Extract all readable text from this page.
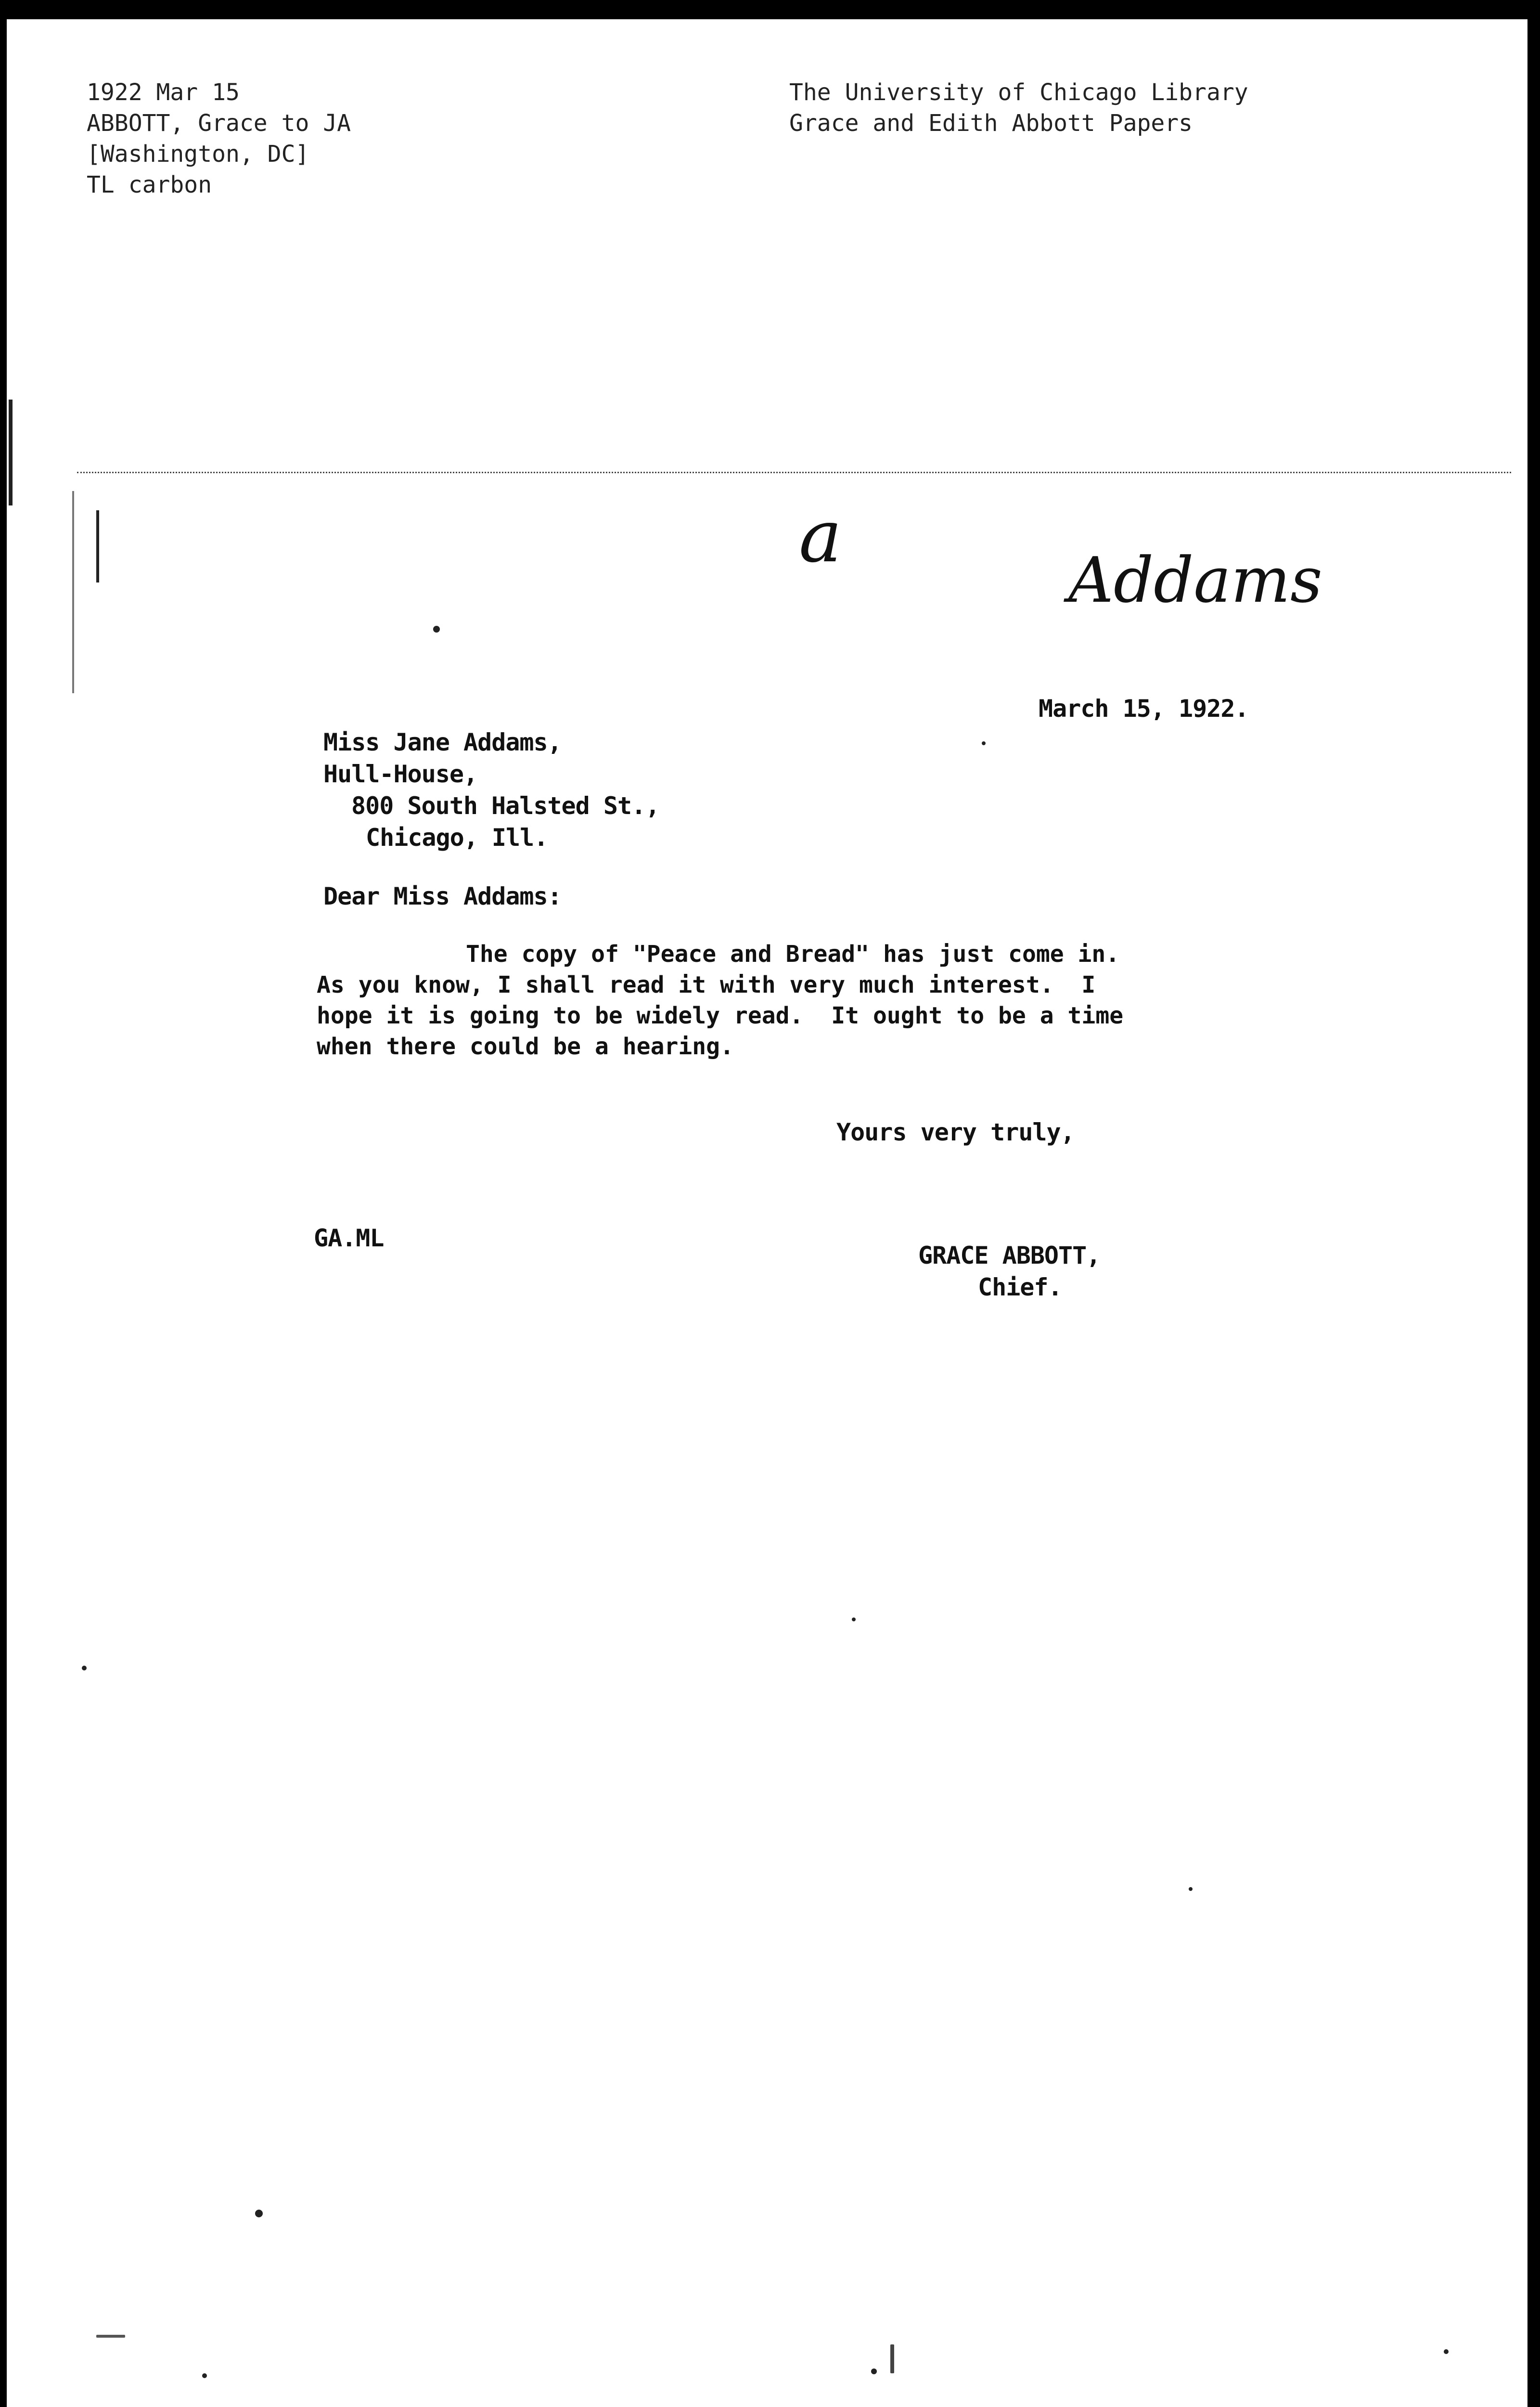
1922 Mar 15
ABBOTT, Grace to JA
[Washington, DC]
TL carbon
The University of Chicago Library
Grace and Edith Abbott Papers
a
Addams
March 15, 1922.
Miss Jane Addams,
Hull-House,
800 South Halsted St.,
Chicago, Ill.
Dear Miss Addams:
The copy of "Peace and Bread" has just come in.
As you know, I shall read it with very much interest.  I
hope it is going to be widely read.  It ought to be a time
when there could be a hearing.
Yours very truly,
GA.ML
GRACE ABBOTT,
Chief.
